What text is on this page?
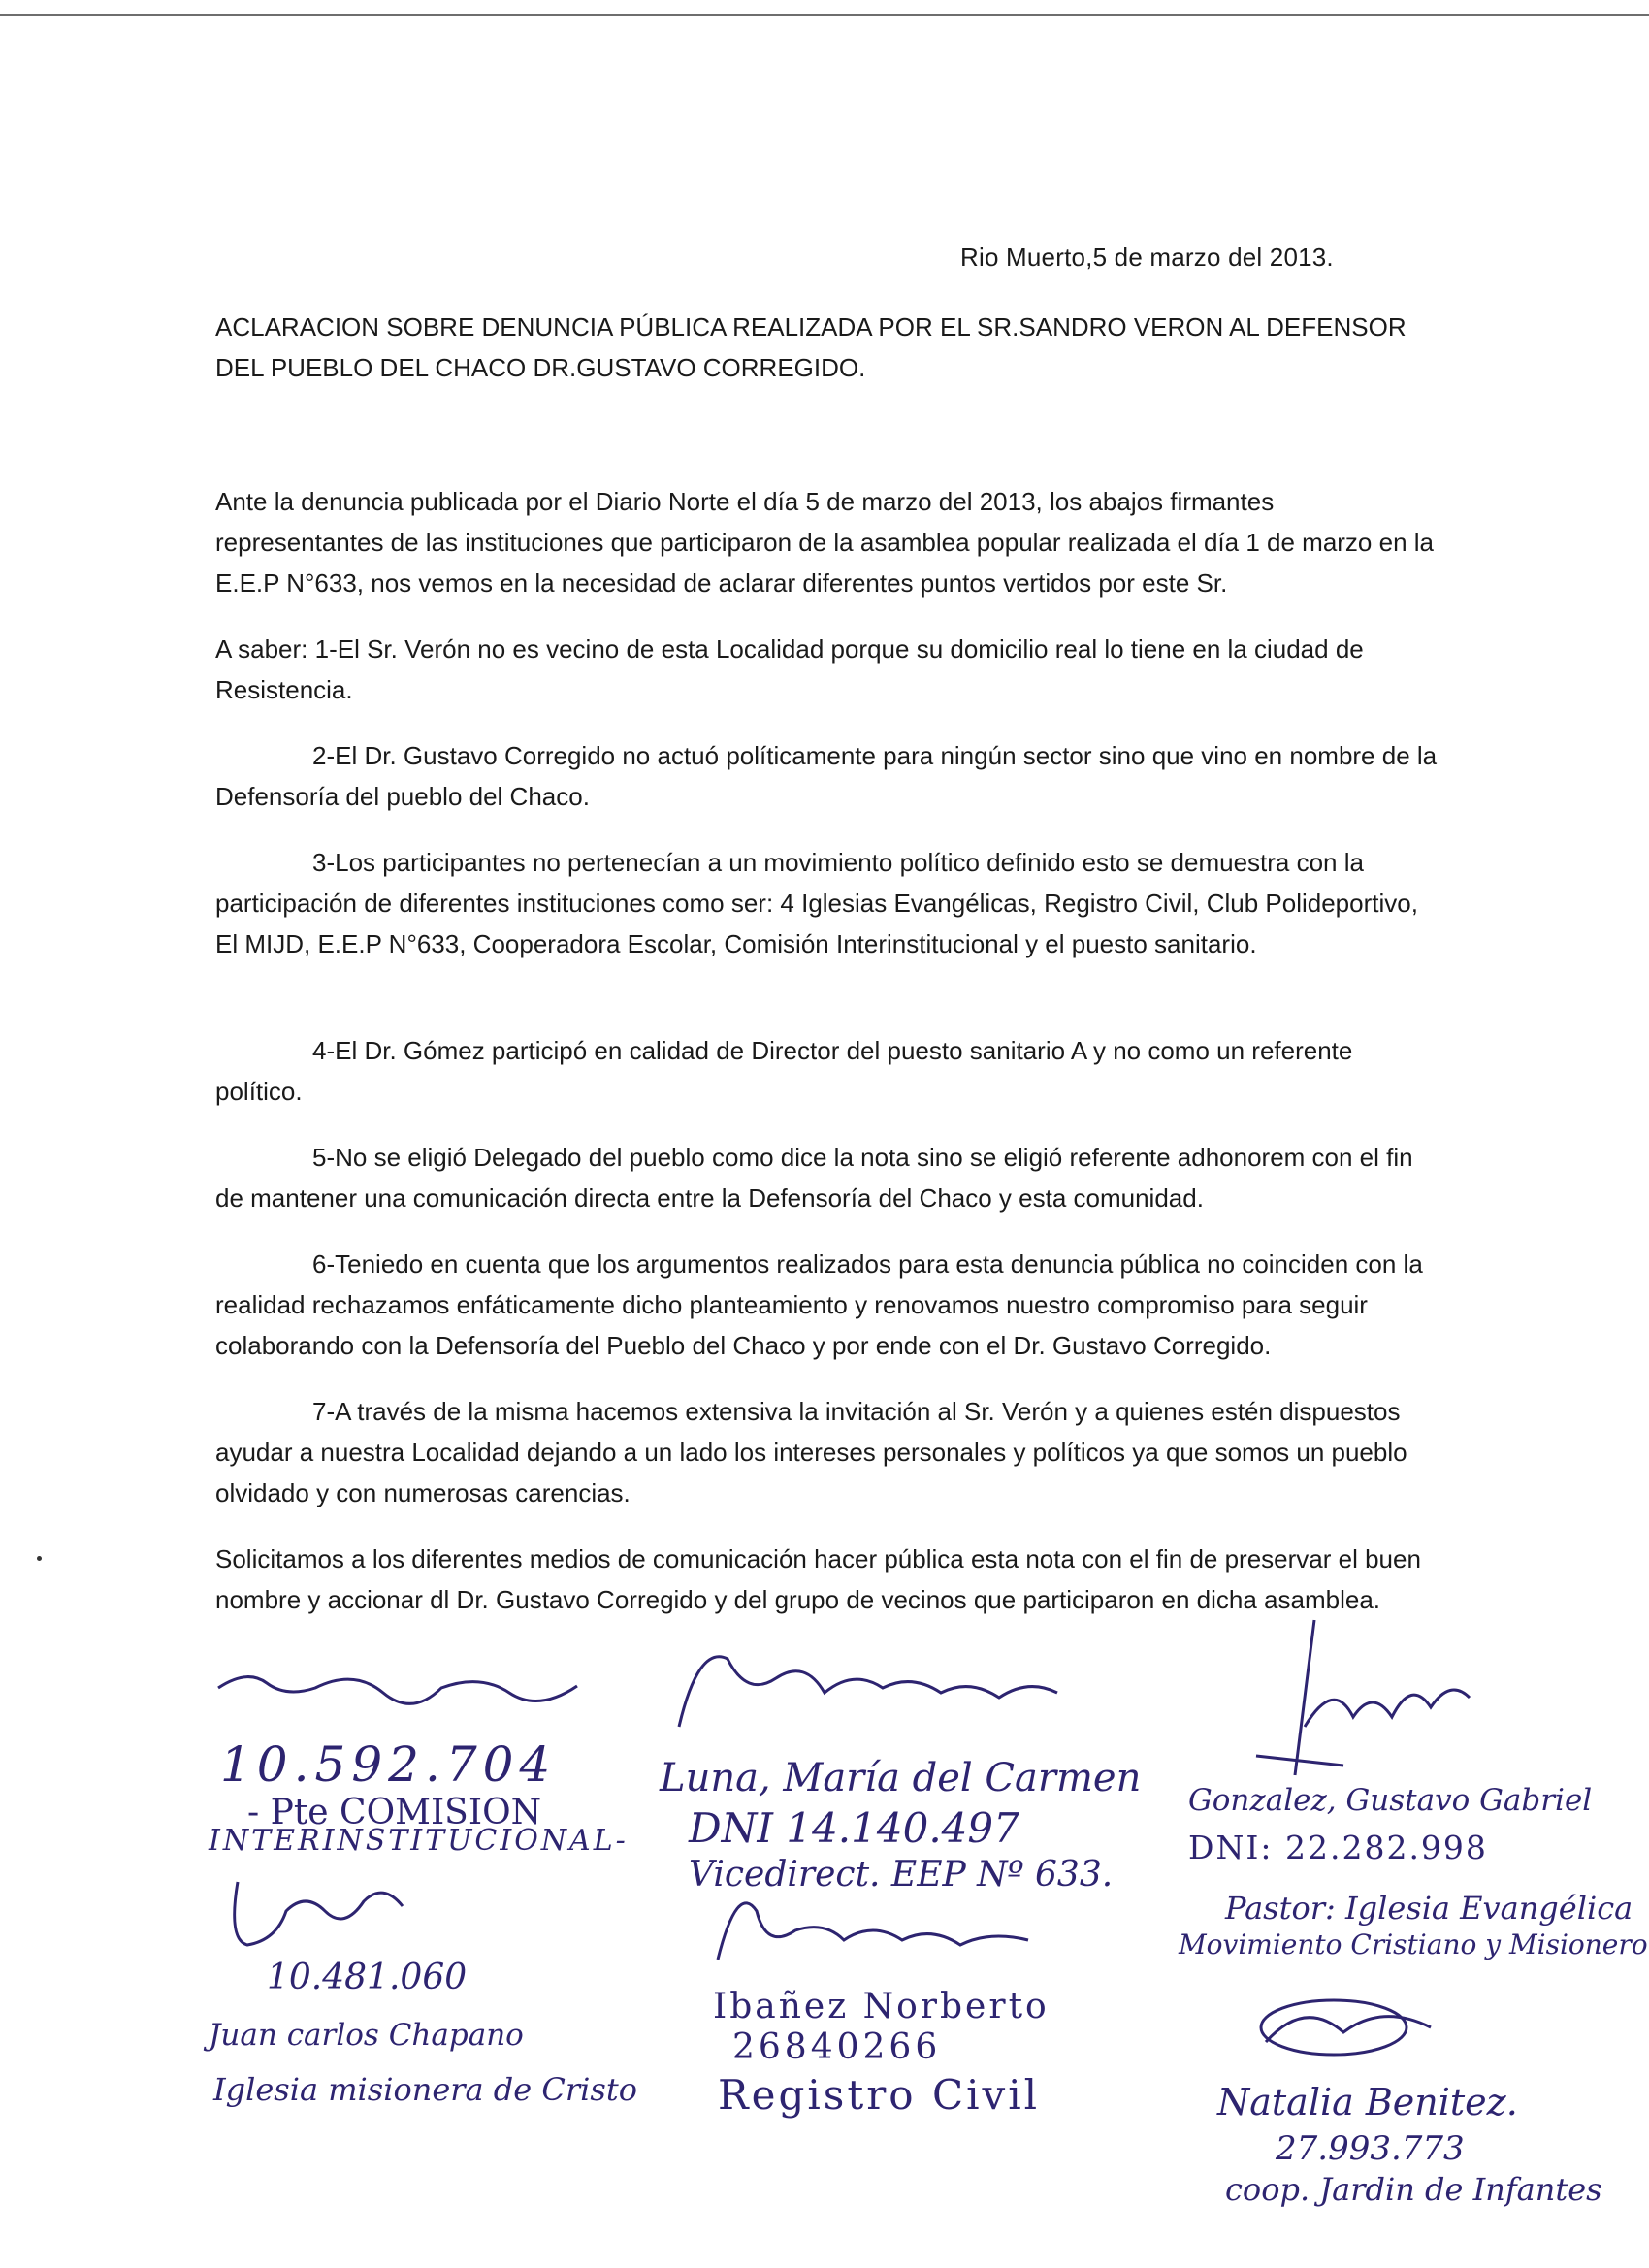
Rio Muerto,5 de marzo del 2013.
ACLARACION SOBRE DENUNCIA PÚBLICA REALIZADA POR EL SR.SANDRO VERON AL DEFENSOR DEL PUEBLO DEL CHACO DR.GUSTAVO CORREGIDO.
Ante la denuncia publicada por el Diario Norte el día 5 de marzo del 2013, los abajos firmantes representantes de las instituciones que participaron de la asamblea popular realizada el día 1 de marzo en la E.E.P N°633, nos vemos en la necesidad de aclarar diferentes puntos vertidos por este Sr.
A saber: 1-El Sr. Verón no es vecino de esta Localidad porque su domicilio real lo tiene en la ciudad de Resistencia.
2-El Dr. Gustavo Corregido no actuó políticamente para ningún sector sino que vino en nombre de la Defensoría del pueblo del Chaco.
3-Los participantes no pertenecían a un movimiento político definido esto se demuestra con la participación de diferentes instituciones como ser: 4 Iglesias Evangélicas, Registro Civil, Club Polideportivo, El MIJD, E.E.P N°633, Cooperadora Escolar, Comisión Interinstitucional y el puesto sanitario.
4-El Dr. Gómez participó en calidad de Director del puesto sanitario A y no como un referente político.
5-No se eligió Delegado del pueblo como dice la nota sino se eligió referente adhonorem con el fin de mantener una comunicación directa entre la Defensoría del Chaco y esta comunidad.
6-Teniedo en cuenta que los argumentos realizados para esta denuncia pública no coinciden con la realidad rechazamos enfáticamente dicho planteamiento y renovamos nuestro compromiso para seguir colaborando con la Defensoría del Pueblo del Chaco y por ende con el Dr. Gustavo Corregido.
7-A través de la misma hacemos extensiva la invitación al Sr. Verón y a quienes estén dispuestos ayudar a nuestra Localidad dejando a un lado los intereses personales y políticos ya que somos un pueblo olvidado y con numerosas carencias.
Solicitamos a los diferentes medios de comunicación hacer pública esta nota con el fin de preservar el buen nombre y accionar dl Dr. Gustavo Corregido y del grupo de vecinos que participaron en dicha asamblea.
10.592.704
- Pte COMISION
INTERINSTITUCIONAL-
Luna, María del Carmen
DNI 14.140.497
Vicedirect. EEP Nº 633.
Gonzalez, Gustavo Gabriel
DNI: 22.282.998
Pastor: Iglesia Evangélica
Movimiento Cristiano y Misionero
10.481.060
Juan carlos Chapano
Iglesia misionera de Cristo
Ibañez Norberto
26840266
Registro Civil	Natalia Benitez.
27.993.773
coop. Jardin de Infantes
